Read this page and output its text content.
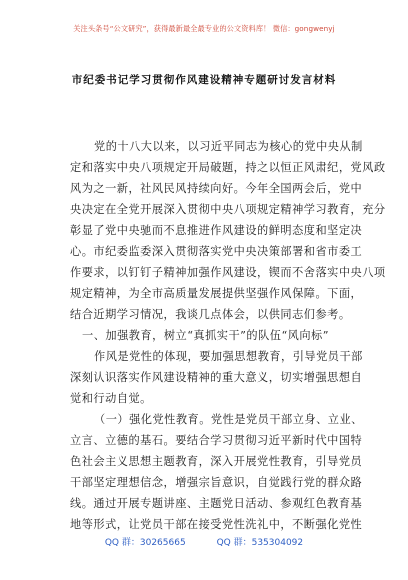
关注头条号“公文研究”，获得最新最全最专业的公文资料库！ 微信：gongwenyj
市纪委书记学习贯彻作风建设精神专题研讨发言材料
党的十八大以来，以习近平同志为核心的党中央从制
定和落实中央八项规定开局破题，持之以恒正风肃纪，党风政
风为之一新，社风民风持续向好。今年全国两会后，党中
央决定在全党开展深入贯彻中央八项规定精神学习教育，充分
彰显了党中央驰而不息推进作风建设的鲜明态度和坚定决
心。市纪委监委深入贯彻落实党中央决策部署和省市委工
作要求，以钉钉子精神加强作风建设，锲而不舍落实中央八项
规定精神，为全市高质量发展提供坚强作风保障。下面，
结合近期学习情况，我谈几点体会，以供同志们参考。
一、加强教育，树立“真抓实干”的队伍“风向标”
作风是党性的体现，要加强思想教育，引导党员干部
深刻认识落实作风建设精神的重大意义，切实增强思想自
觉和行动自觉。
（一）强化党性教育。党性是党员干部立身、立业、
立言、立德的基石。要结合学习贯彻习近平新时代中国特
色社会主义思想主题教育，深入开展党性教育，引导党员
干部坚定理想信念，增强宗旨意识，自觉践行党的群众路
线。通过开展专题讲座、主题党日活动、参观红色教育基
地等形式，让党员干部在接受党性洗礼中，不断强化党性
QQ 群：30265665	QQ 群：535304092
